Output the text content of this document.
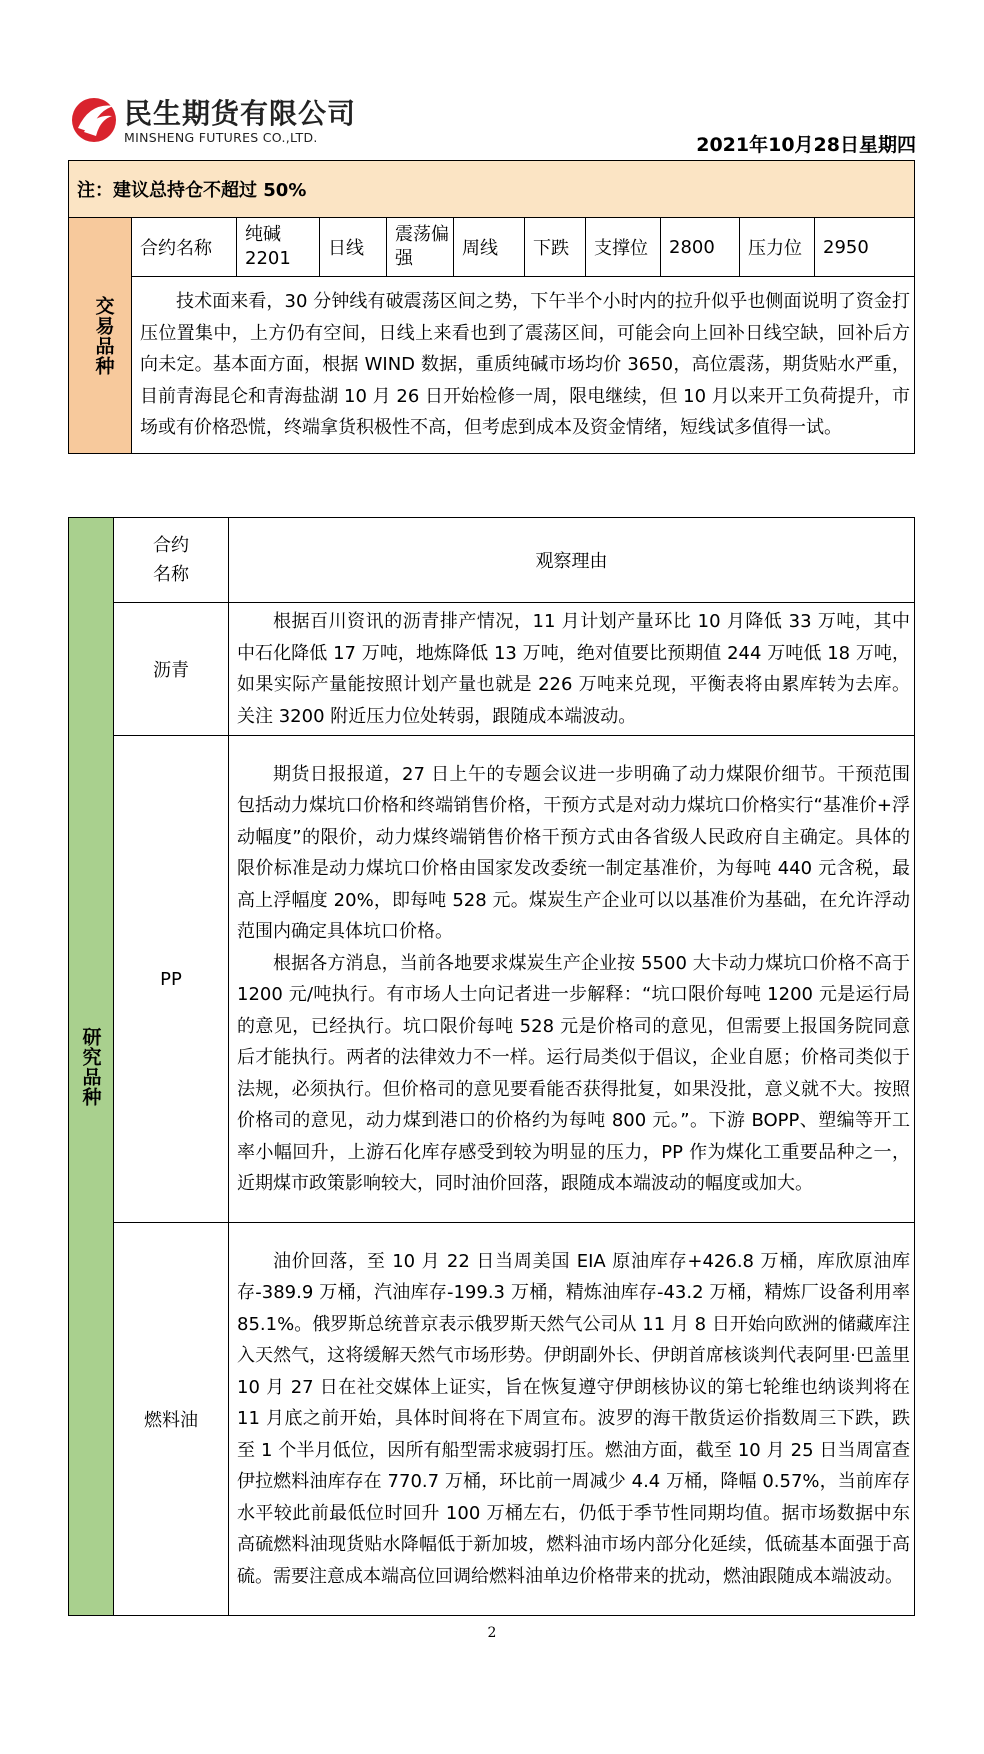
民生期货有限公司
MINSHENG FUTURES CO.,LTD.	2021年10月28日星期四
注：建议总持仓不超过 50%

交易品种
	合约名称	纯碱2201	日线	震荡偏强	周线	下跌	支撑位	2800	压力位	2950
技术面来看，30 分钟线有破震荡区间之势，下午半个小时内的拉升似乎也侧面说明了资金打压位置集中，上方仍有空间，日线上来看也到了震荡区间，可能会向上回补日线空缺，回补后方向未定。基本面方面，根据 WIND 数据，重质纯碱市场均价 3650，高位震荡，期货贴水严重，目前青海昆仑和青海盐湖 10 月 26 日开始检修一周，限电继续，但 10 月以来开工负荷提升，市场或有价格恐慌，终端拿货积极性不高，但考虑到成本及资金情绪，短线试多值得一试。
研究品种	合约名称	观察理由
	沥青	根据百川资讯的沥青排产情况，11 月计划产量环比 10 月降低 33 万吨，其中中石化降低 17 万吨，地炼降低 13 万吨，绝对值要比预期值 244 万吨低 18 万吨，如果实际产量能按照计划产量也就是 226 万吨来兑现，平衡表将由累库转为去库。关注 3200 附近压力位处转弱，跟随成本端波动。

	PP	期货日报报道，27 日上午的专题会议进一步明确了动力煤限价细节。干预范围包括动力煤坑口价格和终端销售价格，干预方式是对动力煤坑口价格实行“基准价+浮动幅度”的限价，动力煤终端销售价格干预方式由各省级人民政府自主确定。具体的限价标准是动力煤坑口价格由国家发改委统一制定基准价，为每吨 440 元含税，最高上浮幅度 20%，即每吨 528 元。煤炭生产企业可以以基准价为基础，在允许浮动范围内确定具体坑口价格。

根据各方消息，当前各地要求煤炭生产企业按 5500 大卡动力煤坑口价格不高于 1200 元/吨执行。有市场人士向记者进一步解释：“坑口限价每吨 1200 元是运行局的意见，已经执行。坑口限价每吨 528 元是价格司的意见，但需要上报国务院同意后才能执行。两者的法律效力不一样。运行局类似于倡议，企业自愿；价格司类似于法规，必须执行。但价格司的意见要看能否获得批复，如果没批，意义就不大。按照价格司的意见，动力煤到港口的价格约为每吨 800 元。”。下游 BOPP、塑编等开工率小幅回升，上游石化库存感受到较为明显的压力，PP 作为煤化工重要品种之一，近期煤市政策影响较大，同时油价回落，跟随成本端波动的幅度或加大。

	燃料油	油价回落，至 10 月 22 日当周美国 EIA 原油库存+426.8 万桶，库欣原油库存-389.9 万桶，汽油库存-199.3 万桶，精炼油库存-43.2 万桶，精炼厂设备利用率 85.1%。俄罗斯总统普京表示俄罗斯天然气公司从 11 月 8 日开始向欧洲的储藏库注入天然气，这将缓解天然气市场形势。伊朗副外长、伊朗首席核谈判代表阿里·巴盖里 10 月 27 日在社交媒体上证实，旨在恢复遵守伊朗核协议的第七轮维也纳谈判将在 11 月底之前开始，具体时间将在下周宣布。波罗的海干散货运价指数周三下跌，跌至 1 个半月低位，因所有船型需求疲弱打压。燃油方面，截至 10 月 25 日当周富查伊拉燃料油库存在 770.7 万桶，环比前一周减少 4.4 万桶，降幅 0.57%，当前库存水平较此前最低位时回升 100 万桶左右，仍低于季节性同期均值。据市场数据中东高硫燃料油现货贴水降幅低于新加坡，燃料油市场内部分化延续，低硫基本面强于高硫。需要注意成本端高位回调给燃料油单边价格带来的扰动，燃油跟随成本端波动。

2
